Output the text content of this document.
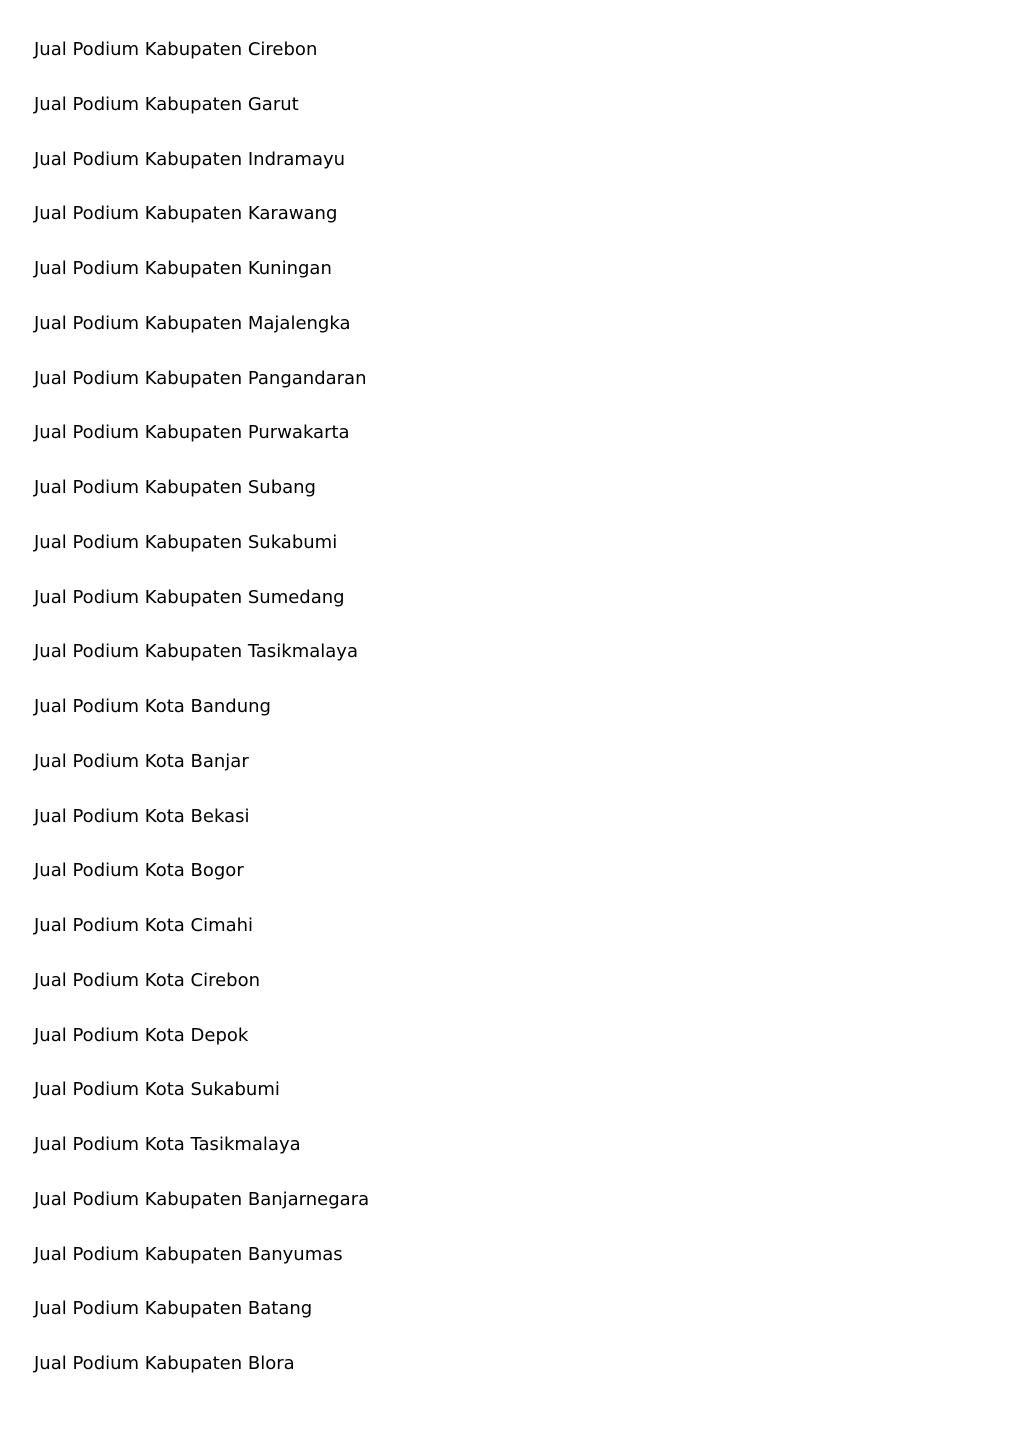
Jual Podium Kabupaten Cirebon
Jual Podium Kabupaten Garut
Jual Podium Kabupaten Indramayu
Jual Podium Kabupaten Karawang
Jual Podium Kabupaten Kuningan
Jual Podium Kabupaten Majalengka
Jual Podium Kabupaten Pangandaran
Jual Podium Kabupaten Purwakarta
Jual Podium Kabupaten Subang
Jual Podium Kabupaten Sukabumi
Jual Podium Kabupaten Sumedang
Jual Podium Kabupaten Tasikmalaya
Jual Podium Kota Bandung
Jual Podium Kota Banjar
Jual Podium Kota Bekasi
Jual Podium Kota Bogor
Jual Podium Kota Cimahi
Jual Podium Kota Cirebon
Jual Podium Kota Depok
Jual Podium Kota Sukabumi
Jual Podium Kota Tasikmalaya
Jual Podium Kabupaten Banjarnegara
Jual Podium Kabupaten Banyumas
Jual Podium Kabupaten Batang
Jual Podium Kabupaten Blora
